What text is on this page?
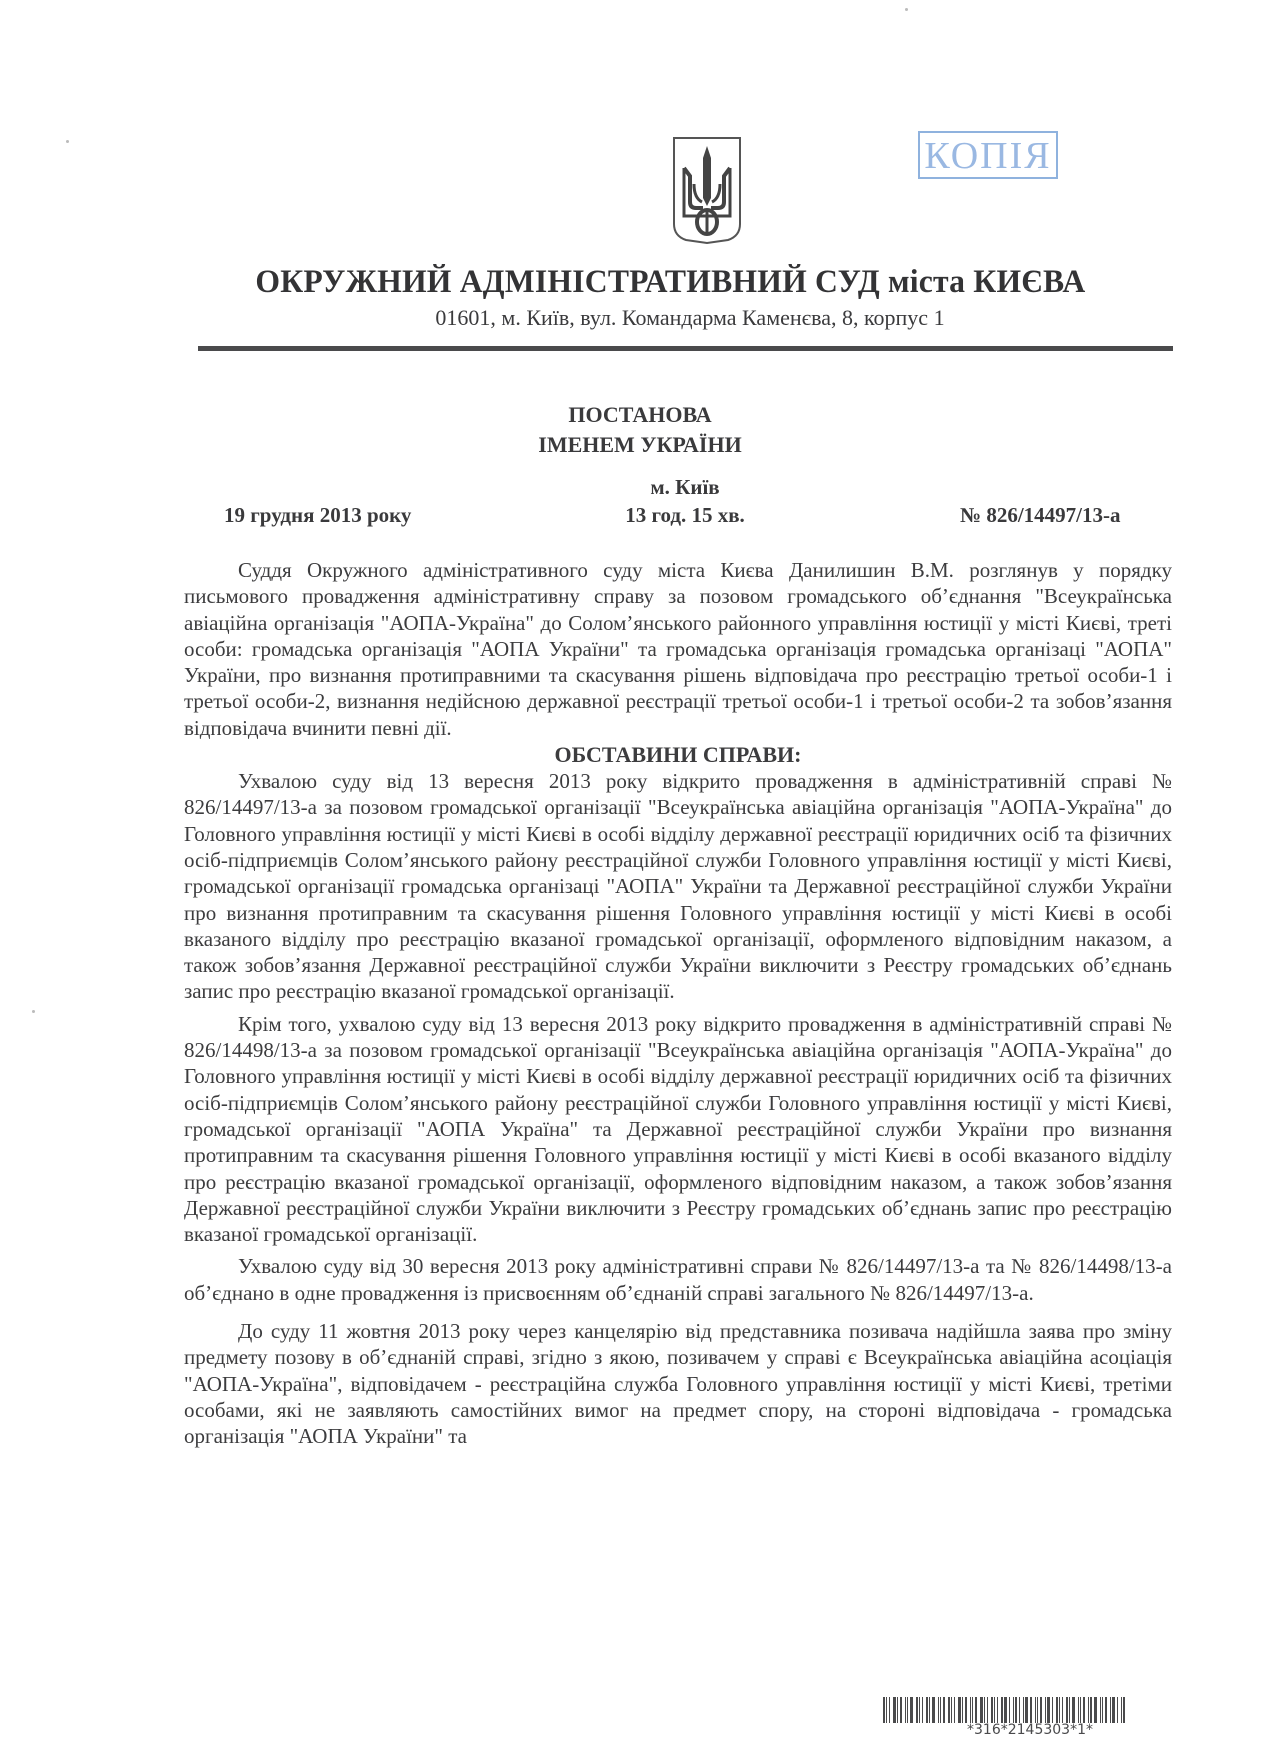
КОПІЯ
ОКРУЖНИЙ АДМІНІСТРАТИВНИЙ СУД міста КИЄВА
01601, м. Київ, вул. Командарма Каменєва, 8, корпус 1
ПОСТАНОВА
ІМЕНЕМ УКРАЇНИ
м. Київ
19 грудня 2013 року	13 год. 15 хв.	№ 826/14497/13-а

Суддя Окружного адміністративного суду міста Києва Данилишин В.М. розглянув у порядку письмового провадження адміністративну справу за позовом громадського об’єднання "Всеукраїнська авіаційна організація "АОПА-Україна" до Солом’янського районного управління юстиції у місті Києві, треті особи: громадська організація "АОПА України" та громадська організація громадська організаці "АОПА" України, про визнання протиправними та скасування рішень відповідача про реєстрацію третьої особи-1 і третьої особи-2, визнання недійсною державної реєстрації третьої особи-1 і третьої особи-2 та зобов’язання відповідача вчинити певні дії.

ОБСТАВИНИ СПРАВИ:

Ухвалою суду від 13 вересня 2013 року відкрито провадження в адміністративній справі № 826/14497/13-а за позовом громадської організації "Всеукраїнська авіаційна організація "АОПА-Україна" до Головного управління юстиції у місті Києві в особі відділу державної реєстрації юридичних осіб та фізичних осіб-підприємців Солом’янського району реєстраційної служби Головного управління юстиції у місті Києві, громадської організації громадська організаці "АОПА" України та Державної реєстраційної служби України про визнання протиправним та скасування рішення Головного управління юстиції у місті Києві в особі вказаного відділу про реєстрацію вказаної громадської організації, оформленого відповідним наказом, а також зобов’язання Державної реєстраційної служби України виключити з Реєстру громадських об’єднань запис про реєстрацію вказаної громадської організації.

Крім того, ухвалою суду від 13 вересня 2013 року відкрито провадження в адміністративній справі № 826/14498/13-а за позовом громадської організації "Всеукраїнська авіаційна організація "АОПА-Україна" до Головного управління юстиції у місті Києві в особі відділу державної реєстрації юридичних осіб та фізичних осіб-підприємців Солом’янського району реєстраційної служби Головного управління юстиції у місті Києві, громадської організації "АОПА Україна" та Державної реєстраційної служби України про визнання протиправним та скасування рішення Головного управління юстиції у місті Києві в особі вказаного відділу про реєстрацію вказаної громадської організації, оформленого відповідним наказом, а також зобов’язання Державної реєстраційної служби України виключити з Реєстру громадських об’єднань запис про реєстрацію вказаної громадської організації.

Ухвалою суду від 30 вересня 2013 року адміністративні справи № 826/14497/13-а та № 826/14498/13-а об’єднано в одне провадження із присвоєнням об’єднаній справі загального № 826/14497/13-а.

До суду 11 жовтня 2013 року через канцелярію від представника позивача надійшла заява про зміну предмету позову в об’єднаній справі, згідно з якою, позивачем у справі є Всеукраїнська авіаційна асоціація "АОПА-Україна", відповідачем - реєстраційна служба Головного управління юстиції у місті Києві, третіми особами, які не заявляють самостійних вимог на предмет спору, на стороні відповідача - громадська організація "АОПА України" та

*316*2145303*1*
